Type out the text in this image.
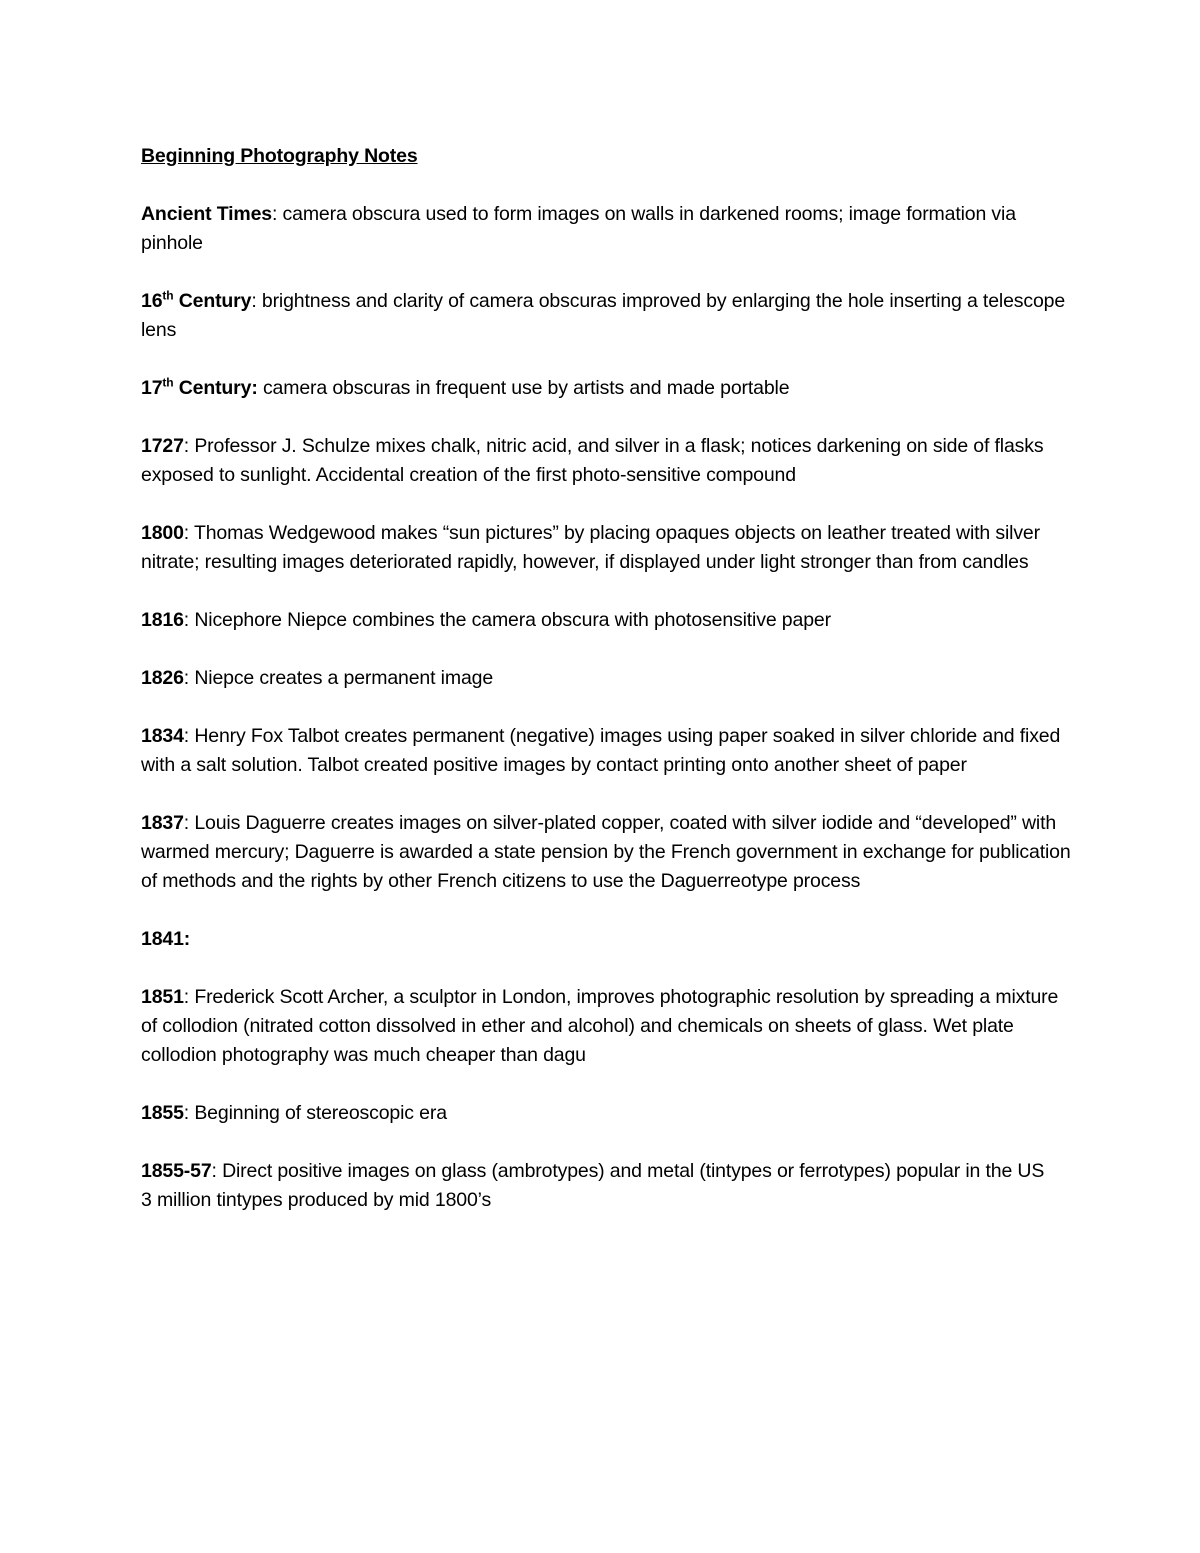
Beginning Photography Notes
Ancient Times: camera obscura used to form images on walls in darkened rooms; image formation via pinhole
16th Century: brightness and clarity of camera obscuras improved by enlarging the hole inserting a telescope lens
17th Century: camera obscuras in frequent use by artists and made portable
1727: Professor J. Schulze mixes chalk, nitric acid, and silver in a flask; notices darkening on side of flasks exposed to sunlight. Accidental creation of the first photo-sensitive compound
1800: Thomas Wedgewood makes “sun pictures” by placing opaques objects on leather treated with silver nitrate; resulting images deteriorated rapidly, however, if displayed under light stronger than from candles
1816: Nicephore Niepce combines the camera obscura with photosensitive paper
1826: Niepce creates a permanent image
1834: Henry Fox Talbot creates permanent (negative) images using paper soaked in silver chloride and fixed with a salt solution. Talbot created positive images by contact printing onto another sheet of paper
1837: Louis Daguerre creates images on silver-plated copper, coated with silver iodide and “developed” with warmed mercury; Daguerre is awarded a state pension by the French government in exchange for publication of methods and the rights by other French citizens to use the Daguerreotype process
1841:
1851: Frederick Scott Archer, a sculptor in London, improves photographic resolution by spreading a mixture of collodion (nitrated cotton dissolved in ether and alcohol) and chemicals on sheets of glass. Wet plate collodion photography was much cheaper than dagu
1855: Beginning of stereoscopic era
1855-57: Direct positive images on glass (ambrotypes) and metal (tintypes or ferrotypes) popular in the US
3 million tintypes produced by mid 1800’s
